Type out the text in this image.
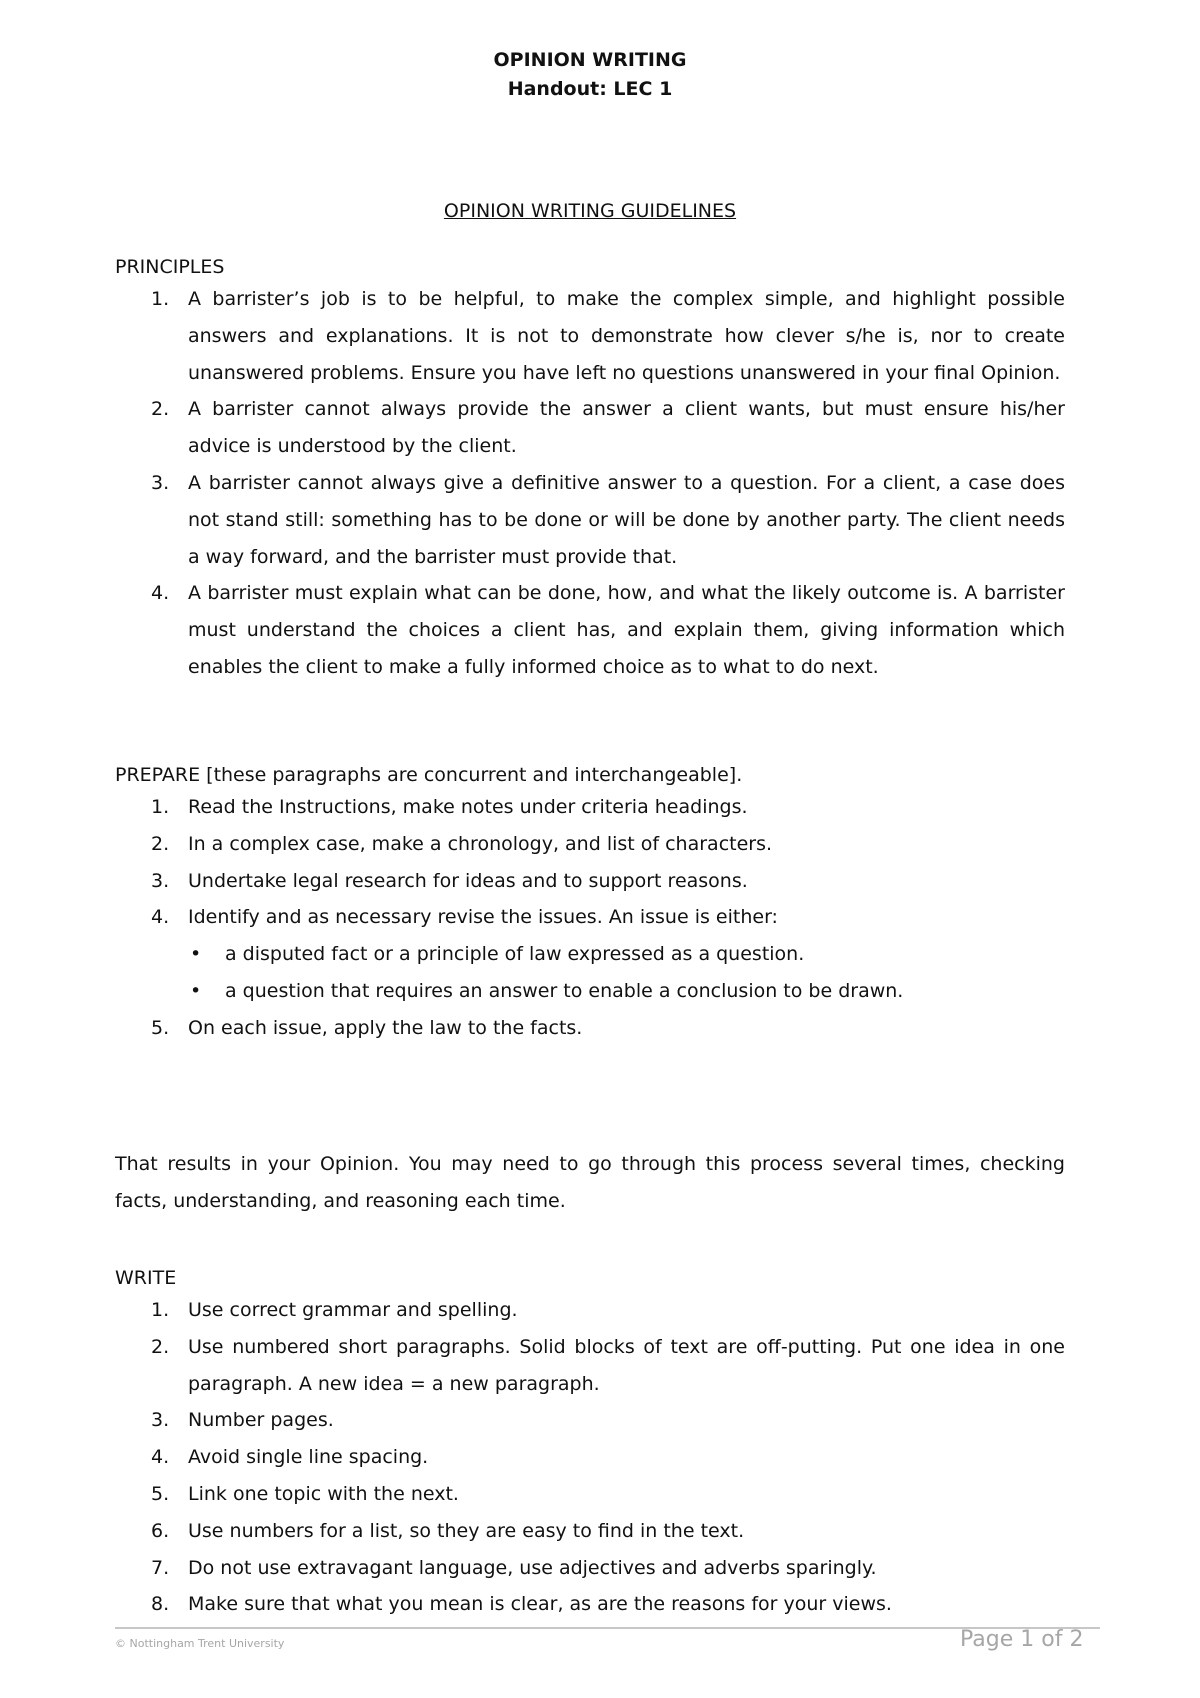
OPINION WRITING
Handout: LEC 1
OPINION WRITING GUIDELINES
PRINCIPLES
1. A barrister’s job is to be helpful, to make the complex simple, and highlight possible answers and explanations. It is not to demonstrate how clever s/he is, nor to create unanswered problems. Ensure you have left no questions unanswered in your final Opinion.
2. A barrister cannot always provide the answer a client wants, but must ensure his/her advice is understood by the client.
3. A barrister cannot always give a definitive answer to a question. For a client, a case does not stand still: something has to be done or will be done by another party. The client needs a way forward, and the barrister must provide that.
4. A barrister must explain what can be done, how, and what the likely outcome is. A barrister must understand the choices a client has, and explain them, giving information which enables the client to make a fully informed choice as to what to do next.
PREPARE [these paragraphs are concurrent and interchangeable].
1. Read the Instructions, make notes under criteria headings.
2. In a complex case, make a chronology, and list of characters.
3. Undertake legal research for ideas and to support reasons.
4. Identify and as necessary revise the issues. An issue is either:
• a disputed fact or a principle of law expressed as a question.
• a question that requires an answer to enable a conclusion to be drawn.
5. On each issue, apply the law to the facts.
That results in your Opinion. You may need to go through this process several times, checking facts, understanding, and reasoning each time.
WRITE
1. Use correct grammar and spelling.
2. Use numbered short paragraphs. Solid blocks of text are off-putting. Put one idea in one paragraph. A new idea = a new paragraph.
3. Number pages.
4. Avoid single line spacing.
5. Link one topic with the next.
6. Use numbers for a list, so they are easy to find in the text.
7. Do not use extravagant language, use adjectives and adverbs sparingly.
8. Make sure that what you mean is clear, as are the reasons for your views.
© Nottingham Trent University	Page 1 of 2
